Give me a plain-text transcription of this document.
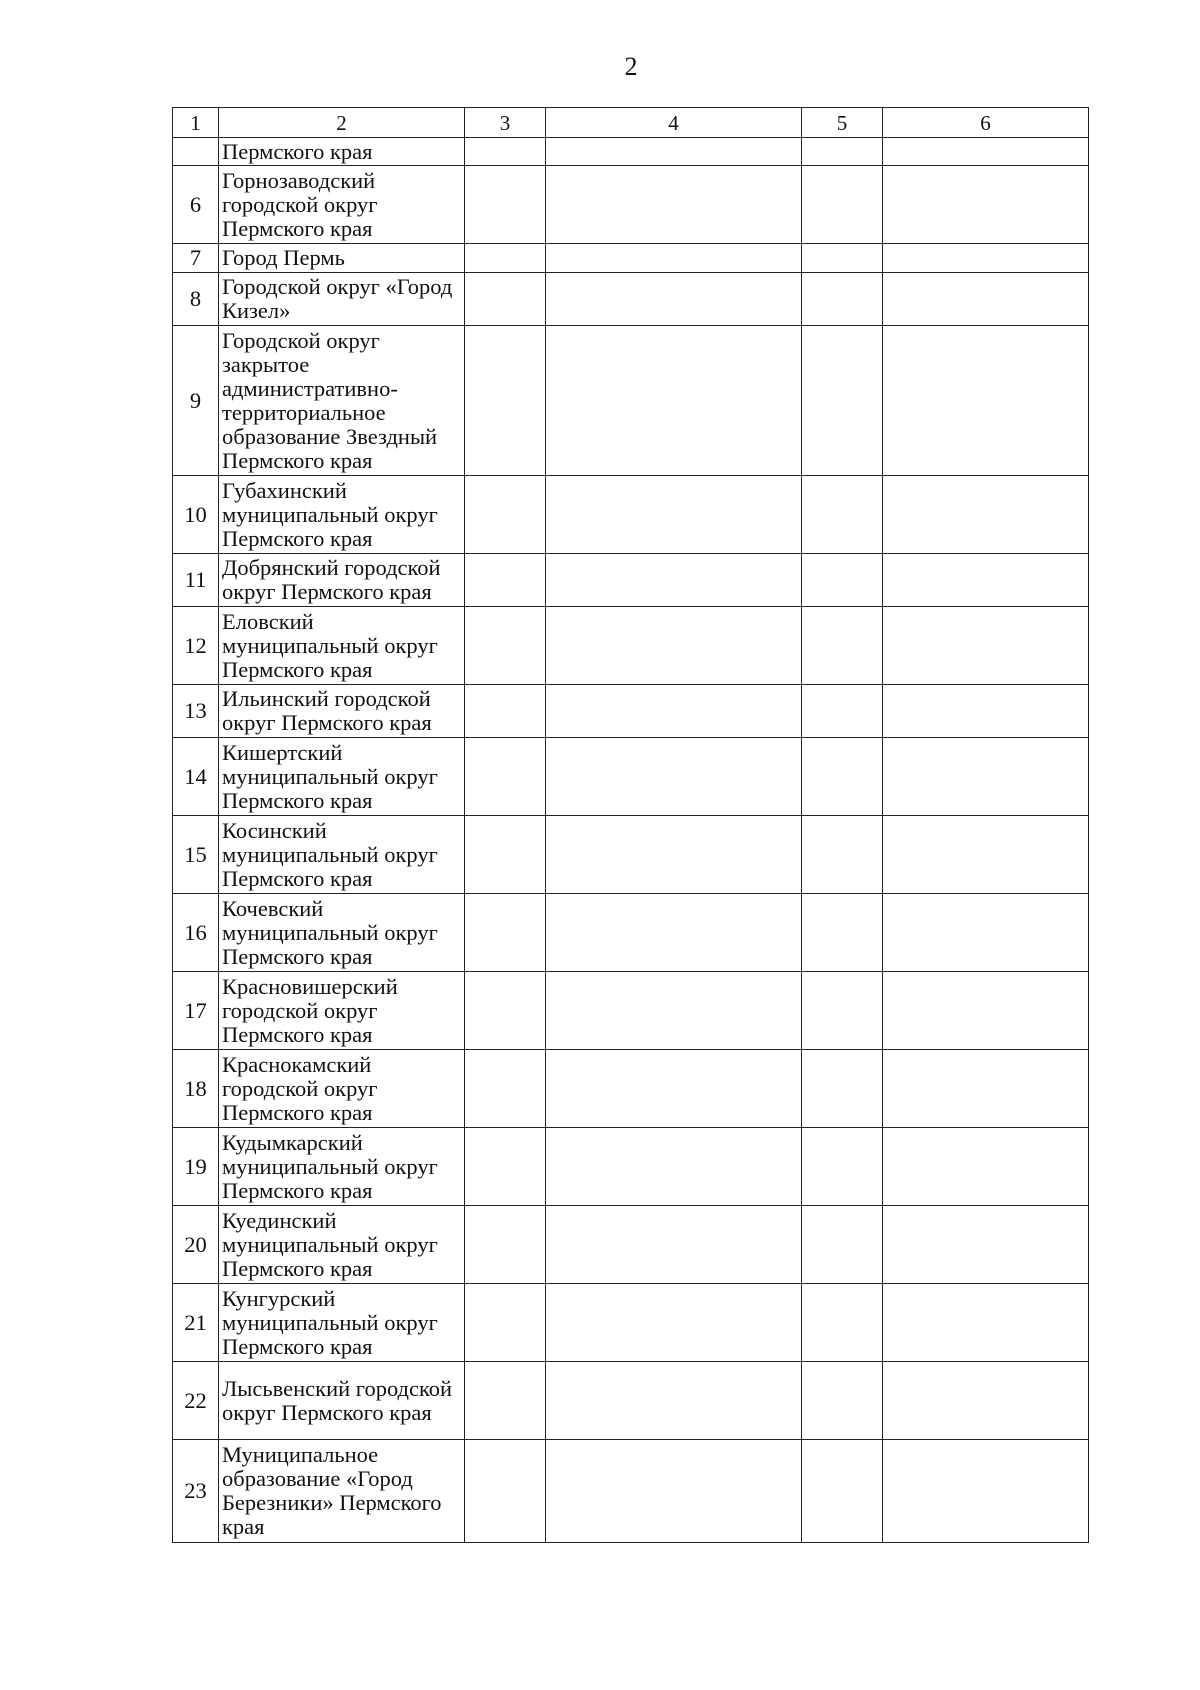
2
1	2	3	4	5	6
	Пермского края				
6	Горнозаводский городской округ Пермского края				
7	Город Пермь				
8	Городской округ «Город Кизел»				
9	Городской округ закрытое административно-территориальное образование Звездный Пермского края				
10	Губахинский муниципальный округ Пермского края				
11	Добрянский городской округ Пермского края				
12	Еловский муниципальный округ Пермского края				
13	Ильинский городской округ Пермского края				
14	Кишертский муниципальный округ Пермского края				
15	Косинский муниципальный округ Пермского края				
16	Кочевский муниципальный округ Пермского края				
17	Красновишерский городской округ Пермского края				
18	Краснокамский городской округ Пермского края				
19	Кудымкарский муниципальный округ Пермского края				
20	Куединский муниципальный округ Пермского края				
21	Кунгурский муниципальный округ Пермского края				
22	Лысьвенский городской округ Пермского края				
23	Муниципальное образование «Город Березники» Пермского края				
